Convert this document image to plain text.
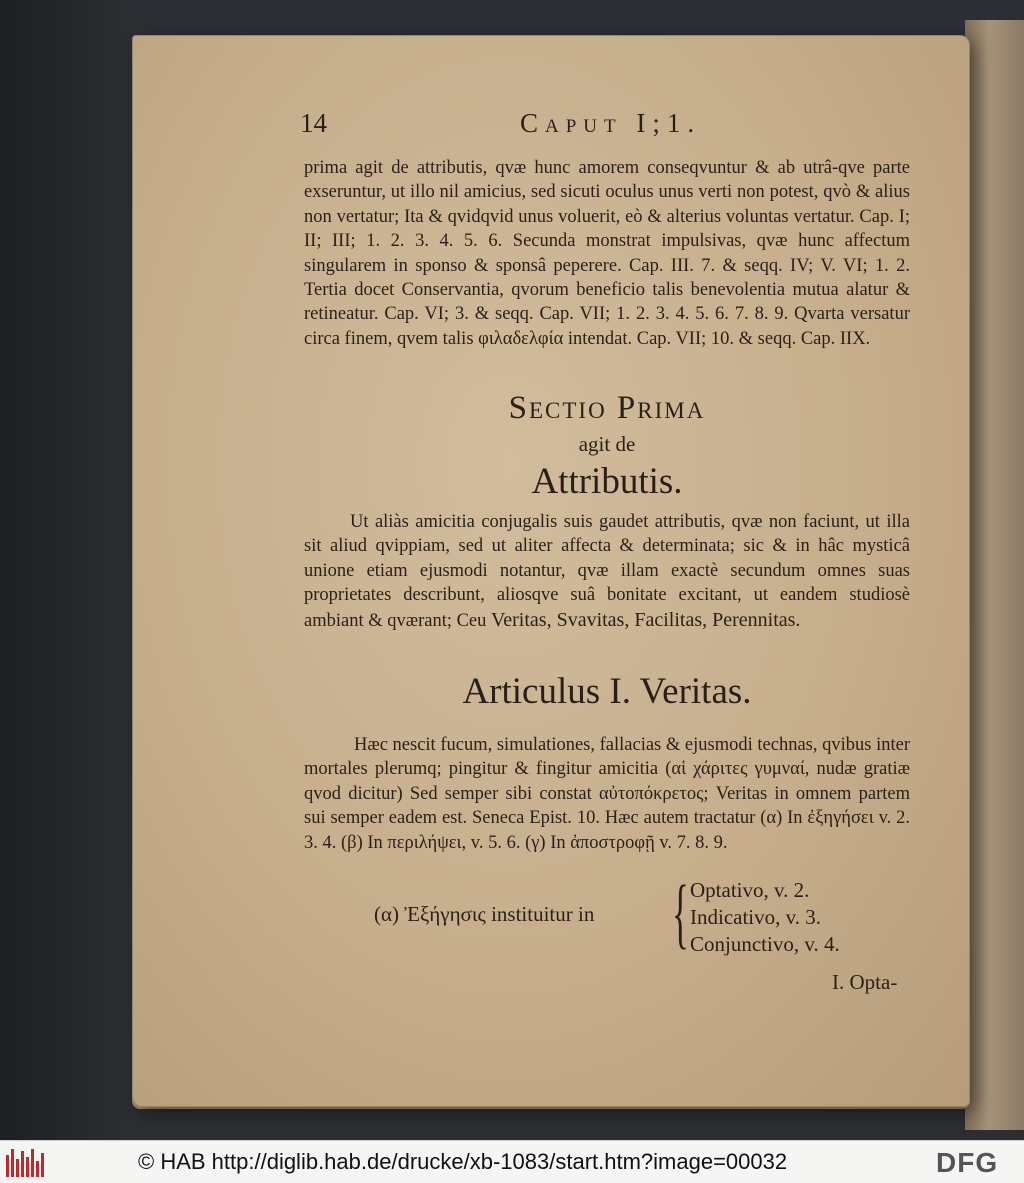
14	Caput I;1.
prima agit de attributis, qvæ hunc amorem conseqvuntur & ab utrâ-qve parte exseruntur, ut illo nil amicius, sed sicuti oculus unus verti non potest, qvò & alius non vertatur; Ita & qvidqvid unus voluerit, eò & alterius voluntas vertatur. Cap. I; II; III; 1. 2. 3. 4. 5. 6. Secunda monstrat impulsivas, qvæ hunc affectum singularem in sponso & sponsâ peperere. Cap. III. 7. & seqq. IV; V. VI; 1. 2. Tertia docet Conservantia, qvorum beneficio talis benevolentia mutua alatur & retineatur. Cap. VI; 3. & seqq. Cap. VII; 1. 2. 3. 4. 5. 6. 7. 8. 9. Qvarta versatur circa finem, qvem talis φιλαδελφία intendat. Cap. VII; 10. & seqq. Cap. IIX.
Sectio Prima
agit de
Attributis.
Ut aliàs amicitia conjugalis suis gaudet attributis, qvæ non faciunt, ut illa sit aliud qvippiam, sed ut aliter affecta & determinata; sic & in hâc mysticâ unione etiam ejusmodi notantur, qvæ illam exactè secundum omnes suas proprietates describunt, aliosqve suâ bonitate excitant, ut eandem studiosè ambiant & qværant; Ceu Veritas, Svavitas, Facilitas, Perennitas.
Articulus I. Veritas.
Hæc nescit fucum, simulationes, fallacias & ejusmodi technas, qvibus inter mortales plerumq; pingitur & fingitur amicitia (αἱ χάριτες γυμναί, nudæ gratiæ qvod dicitur) Sed semper sibi constat αὐτοπόκρετος; Veritas in omnem partem sui semper eadem est. Seneca Epist. 10. Hæc autem tractatur (α) In ἐξηγήσει v. 2. 3. 4. (β) In περιλήψει, v. 5. 6. (γ) In ἀποστροφῇ v. 7. 8. 9.
(α) Ἐξήγησις instituitur in { Optativo, v. 2.
Indicativo, v. 3.
Conjunctivo, v. 4.
I. Opta-
© HAB http://diglib.hab.de/drucke/xb-1083/start.htm?image=00032	DFG
